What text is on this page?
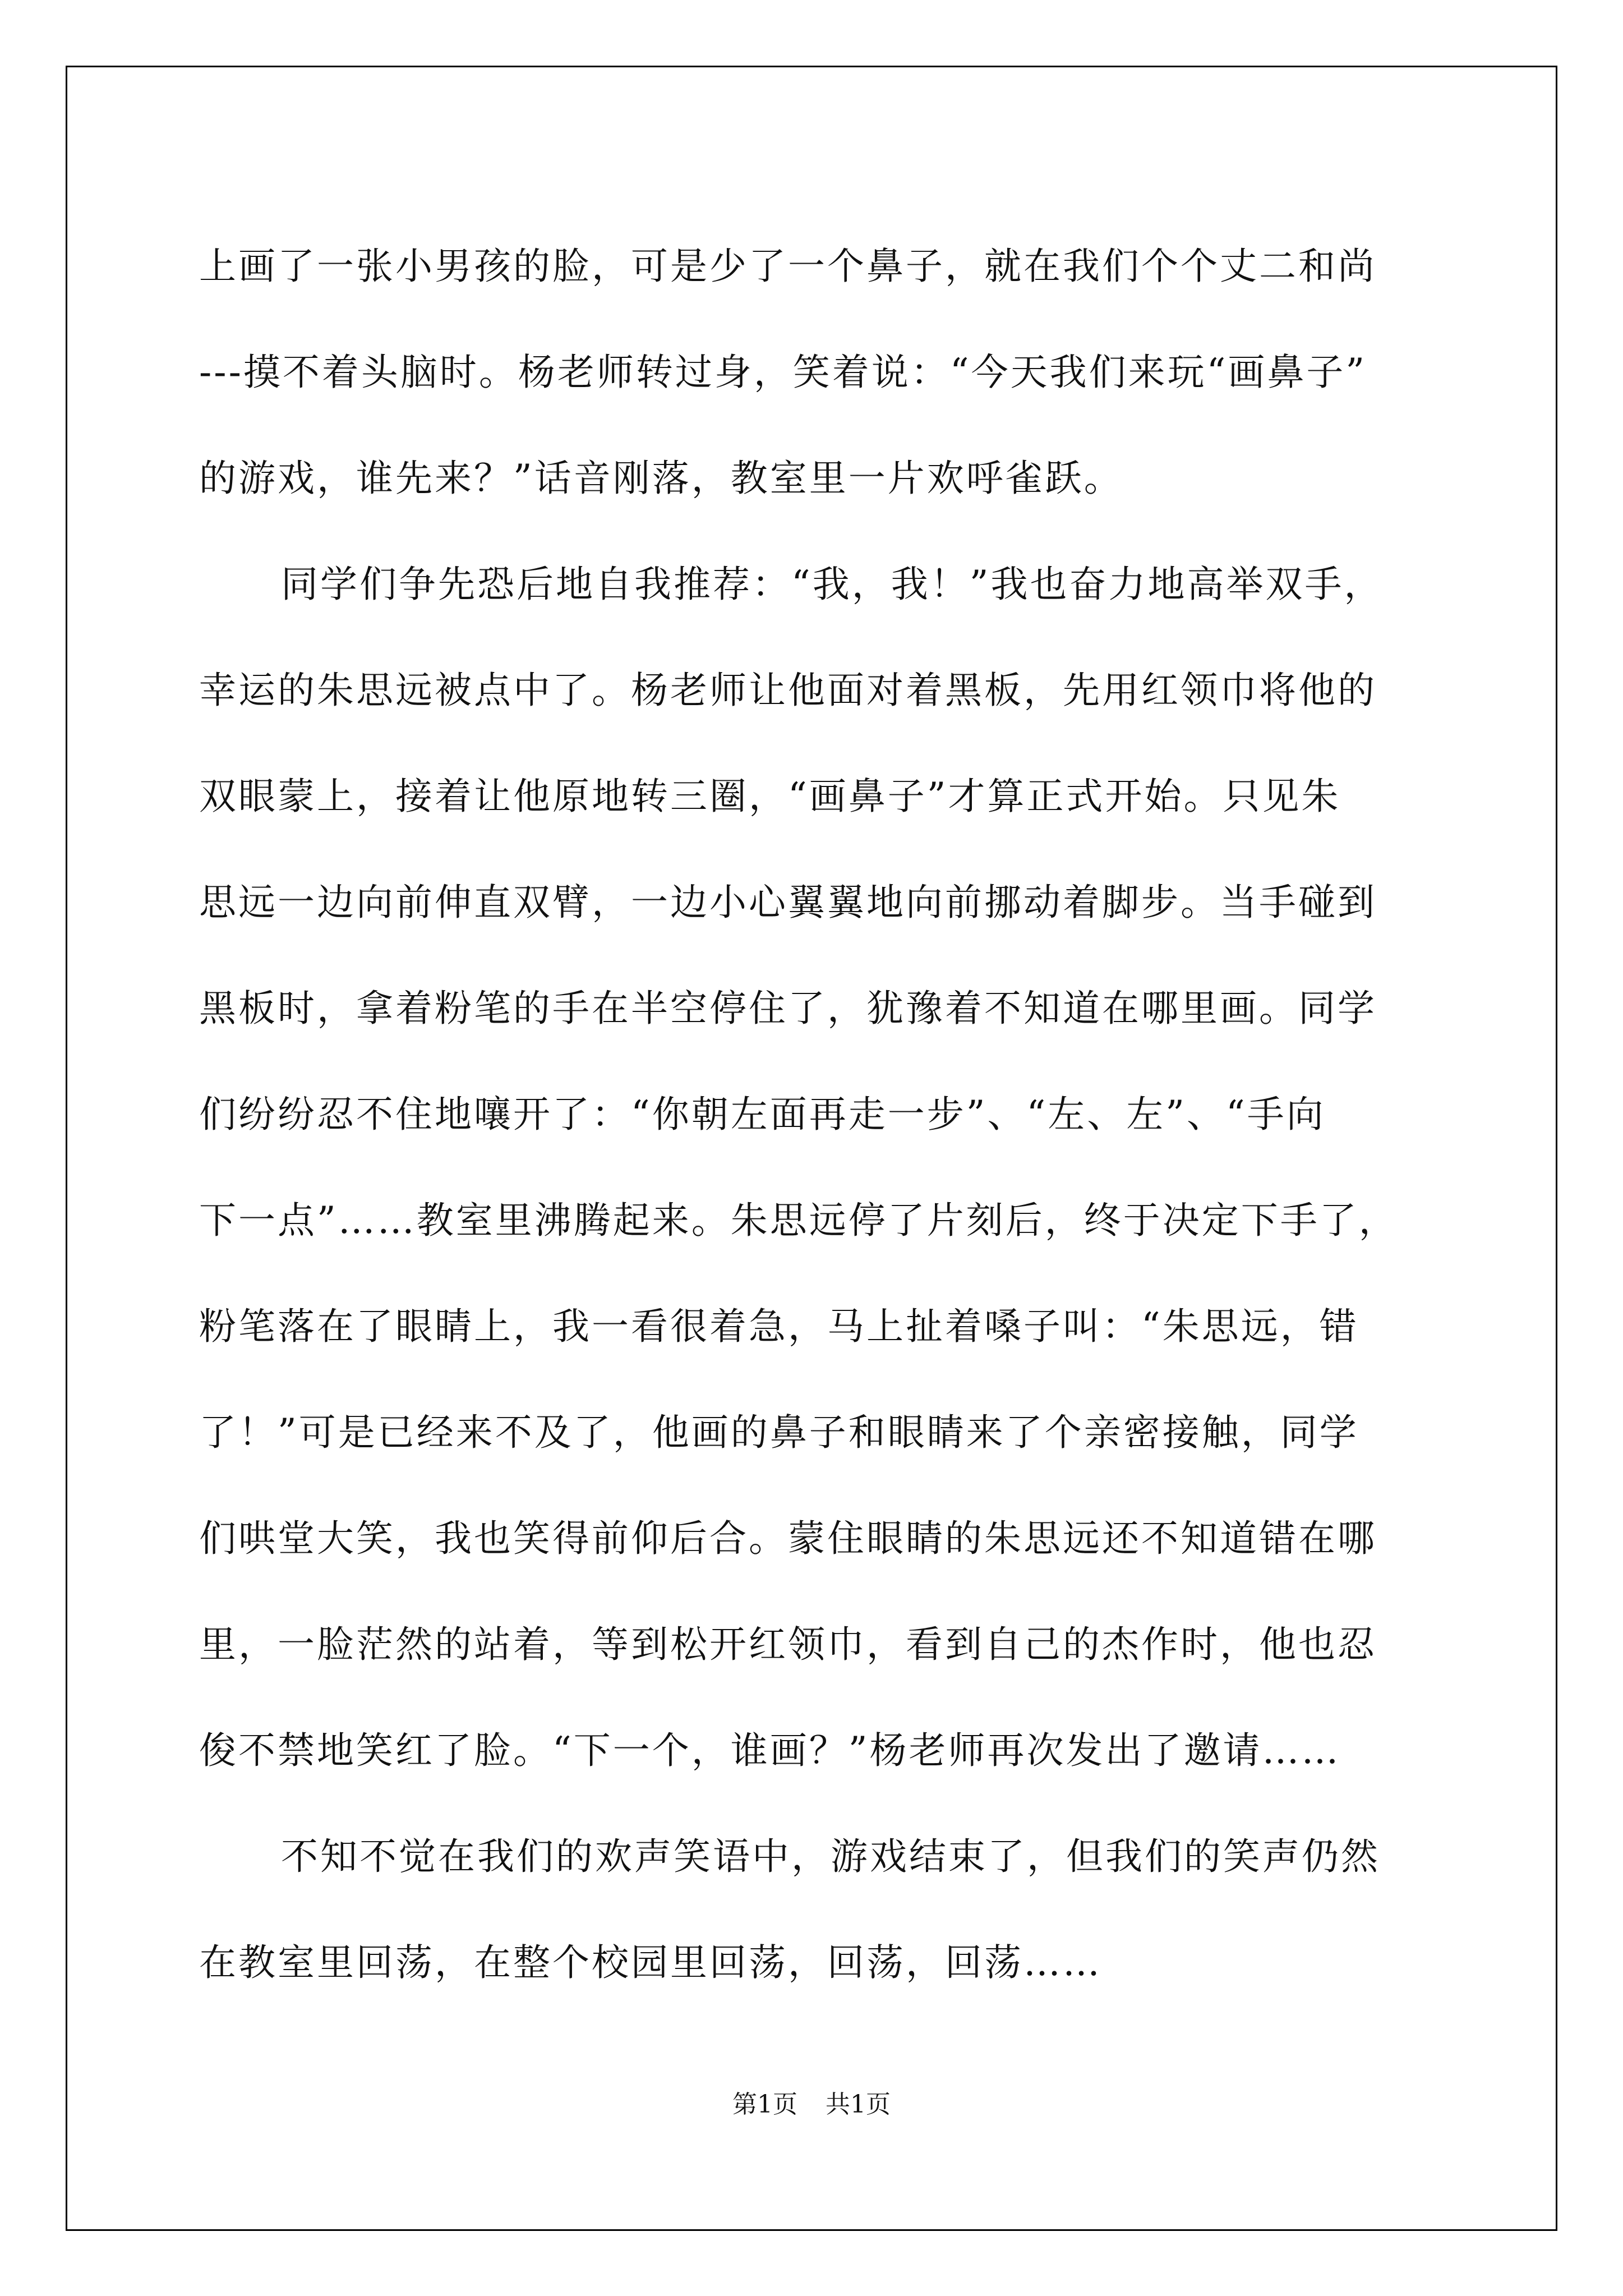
上画了一张小男孩的脸，可是少了一个鼻子，就在我们个个丈二和尚
---摸不着头脑时。杨老师转过身，笑着说：“今天我们来玩“画鼻子”
的游戏，谁先来？”话音刚落，教室里一片欢呼雀跃。
同学们争先恐后地自我推荐：“我，我！”我也奋力地高举双手，
幸运的朱思远被点中了。杨老师让他面对着黑板，先用红领巾将他的
双眼蒙上，接着让他原地转三圈，“画鼻子”才算正式开始。只见朱
思远一边向前伸直双臂，一边小心翼翼地向前挪动着脚步。当手碰到
黑板时，拿着粉笔的手在半空停住了，犹豫着不知道在哪里画。同学
们纷纷忍不住地嚷开了：“你朝左面再走一步”、“左、左”、“手向
下一点”……教室里沸腾起来。朱思远停了片刻后，终于决定下手了，
粉笔落在了眼睛上，我一看很着急，马上扯着嗓子叫：“朱思远，错
了！”可是已经来不及了，他画的鼻子和眼睛来了个亲密接触，同学
们哄堂大笑，我也笑得前仰后合。蒙住眼睛的朱思远还不知道错在哪
里，一脸茫然的站着，等到松开红领巾，看到自己的杰作时，他也忍
俊不禁地笑红了脸。“下一个，谁画？”杨老师再次发出了邀请……
不知不觉在我们的欢声笑语中，游戏结束了，但我们的笑声仍然
在教室里回荡，在整个校园里回荡，回荡，回荡……
第1页 共1页
